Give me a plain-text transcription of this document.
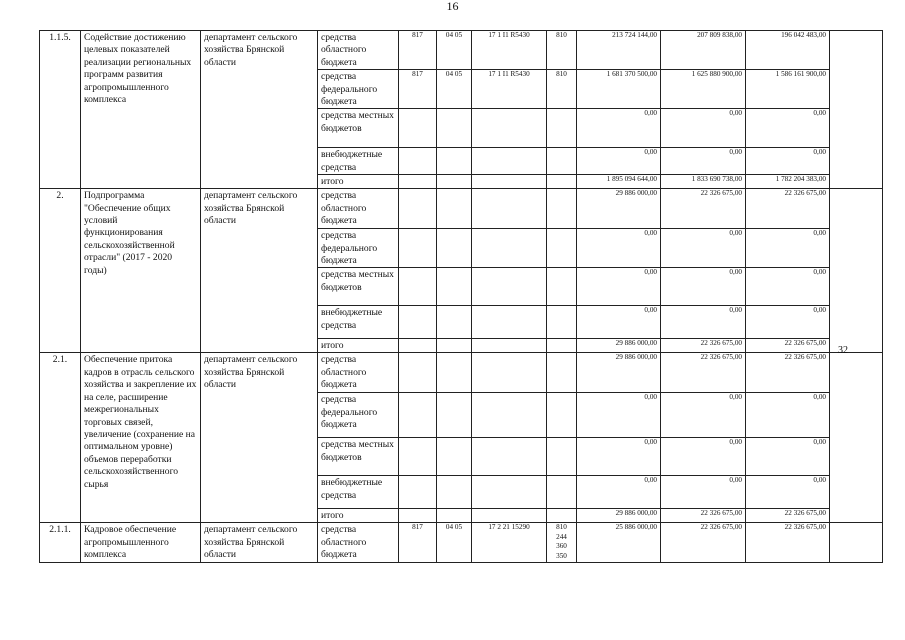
16
1.1.5.	Содействие достижению целевых показателей реализации региональных программ развития агропромышленного комплекса	департамент сельского хозяйства Брянской области	средства областного бюджета	817	04 05	17 1 I1 R5430	810	213 724 144,00	207 809 838,00	196 042 483,00	
			средства федерального бюджета	817	04 05	17 1 I1 R5430	810	1 681 370 500,00	1 625 880 900,00	1 586 161 900,00	
			средства местных бюджетов					0,00	0,00	0,00	
			внебюджетные средства					0,00	0,00	0,00	
			итого					1 895 094 644,00	1 833 690 738,00	1 782 204 383,00	
2.	Подпрограмма "Обеспечение общих условий функционирования сельскохозяйственной отрасли" (2017 - 2020 годы)	департамент сельского хозяйства Брянской области	средства областного бюджета					29 886 000,00	22 326 675,00	22 326 675,00	
			средства федерального бюджета					0,00	0,00	0,00	
			средства местных бюджетов					0,00	0,00	0,00	
			внебюджетные средства					0,00	0,00	0,00	
			итого					29 886 000,00	22 326 675,00	22 326 675,00	
2.1.	Обеспечение притока кадров в отрасль сельского хозяйства и закрепление их на селе, расширение межрегиональных торговых связей, увеличение (сохранение на оптимальном уровне) объемов переработки сельскохозяйственного сырья	департамент сельского хозяйства Брянской области	средства областного бюджета					29 886 000,00	22 326 675,00	22 326 675,00	
			средства федерального бюджета					0,00	0,00	0,00	
			средства местных бюджетов					0,00	0,00	0,00	
			внебюджетные средства					0,00	0,00	0,00	
			итого					29 886 000,00	22 326 675,00	22 326 675,00	
2.1.1.	Кадровое обеспечение агропромышленного комплекса	департамент сельского хозяйства Брянской области	средства областного бюджета	817	04 05	17 2 21 15290	810 244 360 350	25 886 000,00	22 326 675,00	22 326 675,00	
32
